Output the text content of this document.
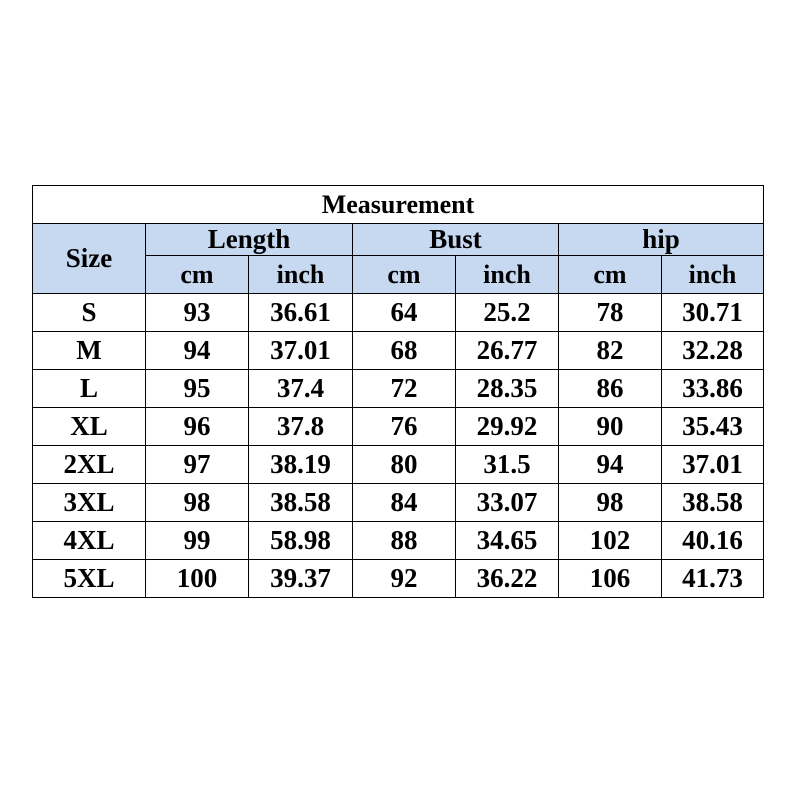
Measurement						
Size	Length		Bust		hip	
	cm	inch	cm	inch	cm	inch
S	93	36.61	64	25.2	78	30.71
M	94	37.01	68	26.77	82	32.28
L	95	37.4	72	28.35	86	33.86
XL	96	37.8	76	29.92	90	35.43
2XL	97	38.19	80	31.5	94	37.01
3XL	98	38.58	84	33.07	98	38.58
4XL	99	58.98	88	34.65	102	40.16
5XL	100	39.37	92	36.22	106	41.73
